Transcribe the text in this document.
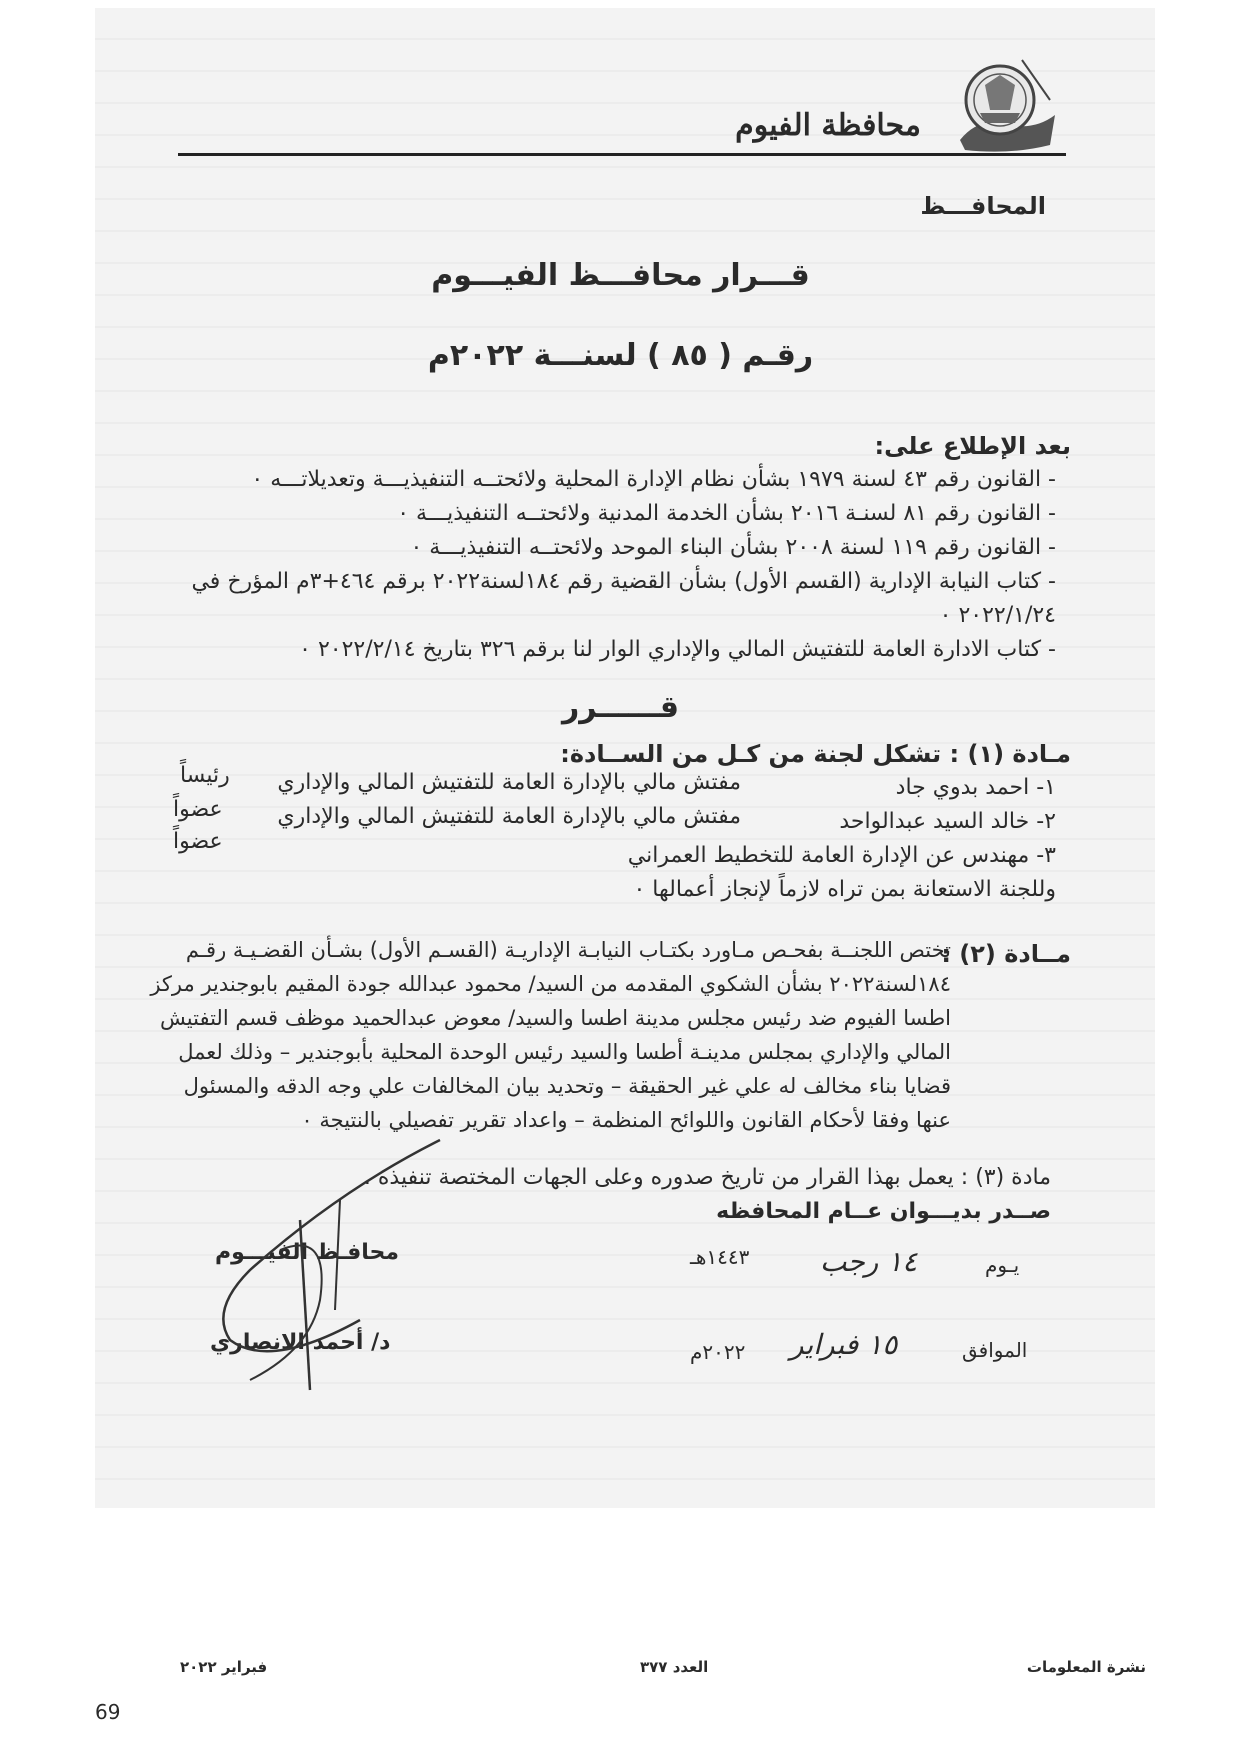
محافظة الفيوم
المحافـــظ
قـــرار محافـــظ الفيـــوم
رقـم ( ٨٥ ) لسنـــة ٢٠٢٢م
بعد الإطلاع على:
- القانون رقم ٤٣ لسنة ١٩٧٩ بشأن نظام الإدارة المحلية ولائحتــه التنفيذيـــة وتعديلاتـــه ٠
- القانون رقم ٨١ لسنـة ٢٠١٦ بشأن الخدمة المدنية ولائحتــه التنفيذيـــة ٠
- القانون رقم ١١٩ لسنة ٢٠٠٨ بشأن البناء الموحد ولائحتــه التنفيذيـــة ٠
- كتاب النيابة الإدارية (القسم الأول) بشأن القضية رقم ١٨٤لسنة٢٠٢٢ برقم ٤٦٤+٣م المؤرخ في
٢٠٢٢/١/٢٤ ٠
- كتاب الادارة العامة للتفتيش المالي والإداري الوار لنا برقم ٣٢٦ بتاريخ ٢٠٢٢/٢/١٤ ٠
قــــــرر
مـادة (١) : تشكل لجنة من كـل من الســادة:
١- احمد بدوي جاد
مفتش مالي بالإدارة العامة للتفتيش المالي والإداري
رئيساً
٢- خالد السيد عبدالواحد
مفتش مالي بالإدارة العامة للتفتيش المالي والإداري
عضواً
٣- مهندس عن الإدارة العامة للتخطيط العمراني
عضواً
وللجنة الاستعانة بمن تراه لازماً لإنجاز أعمالها ٠
مــادة (٢) :
تختص اللجنــة بفحـص مـاورد بكتـاب النيابـة الإداريـة (القسـم الأول) بشـأن القضـيـة رقـم
١٨٤لسنة٢٠٢٢ بشأن الشكوي المقدمه من السيد/ محمود عبدالله جودة المقيم بابوجندير مركز
اطسا الفيوم ضد رئيس مجلس مدينة اطسا والسيد/ معوض عبدالحميد موظف قسم التفتيش
المالي والإداري بمجلس مدينـة أطسا والسيد رئيس الوحدة المحلية بأبوجندير – وذلك لعمل
قضايا بناء مخالف له علي غير الحقيقة – وتحديد بيان المخالفات علي وجه الدقه والمسئول
عنها وفقا لأحكام القانون واللوائح المنظمة – واعداد تقرير تفصيلي بالنتيجة ٠
مادة (٣) : يعمل بهذا القرار من تاريخ صدوره وعلى الجهات المختصة تنفيذه .
صــدر بديـــوان عــام المحافظه
محافـظ الفيـــوم
د/ أحمد الانصاري
يـوم
١٤ رجب
١٤٤٣هـ
الموافق
١٥ فبراير
٢٠٢٢م
نشرة المعلومات
العدد ٣٧٧
فبراير ٢٠٢٢
69
